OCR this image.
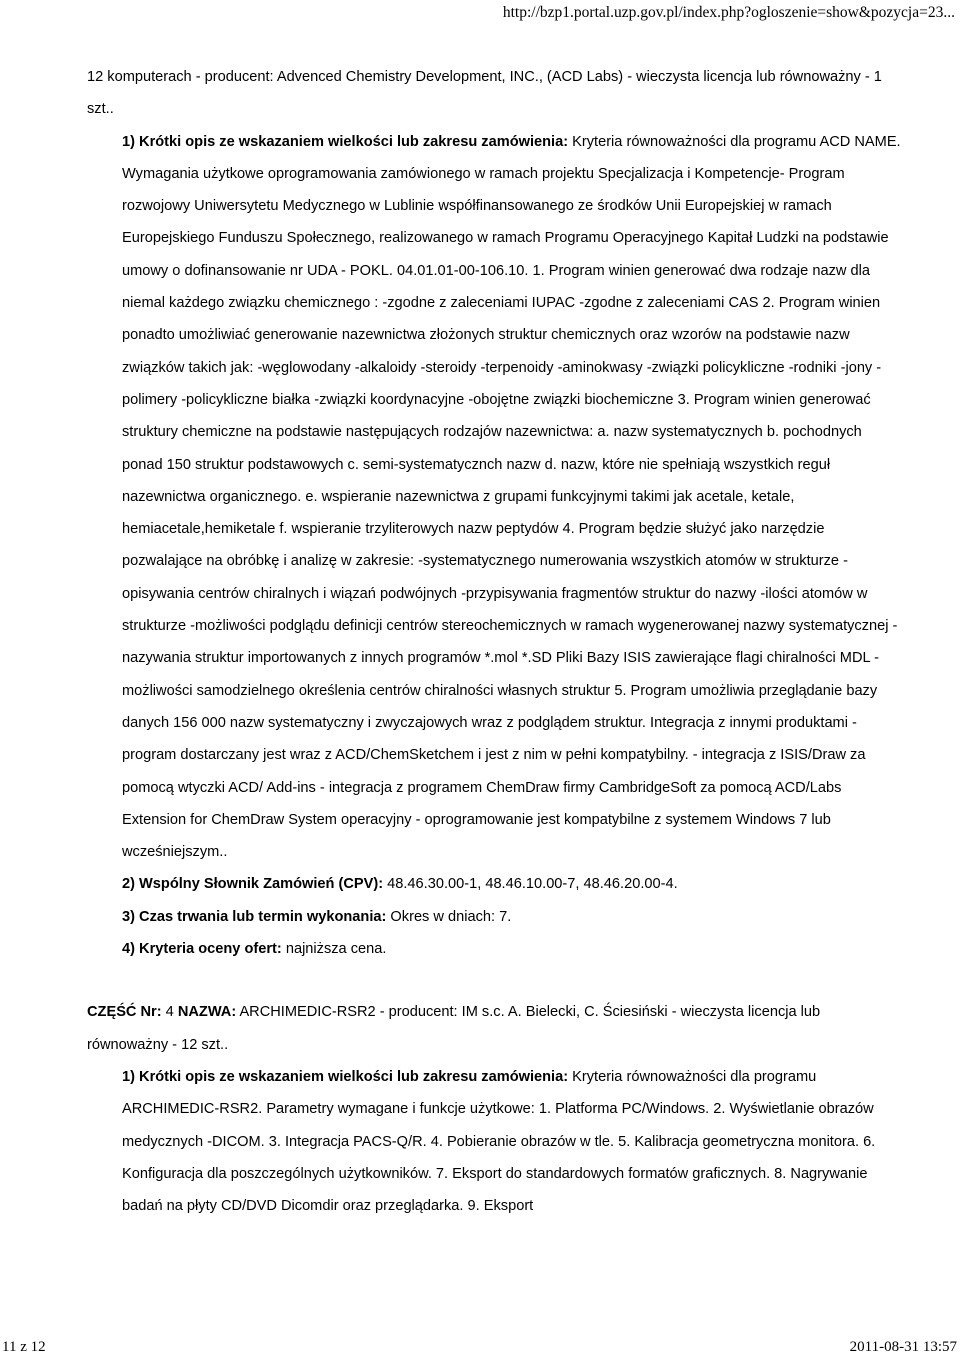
http://bzp1.portal.uzp.gov.pl/index.php?ogloszenie=show&pozycja=23...

12 komputerach - producent: Advenced Chemistry Development, INC., (ACD Labs) - wieczysta licencja lub równoważny - 1 szt..

1) Krótki opis ze wskazaniem wielkości lub zakresu zamówienia: Kryteria równoważności dla programu ACD NAME. Wymagania użytkowe oprogramowania zamówionego w ramach projektu Specjalizacja i Kompetencje- Program rozwojowy Uniwersytetu Medycznego w Lublinie współfinansowanego ze środków Unii Europejskiej w ramach Europejskiego Funduszu Społecznego, realizowanego w ramach Programu Operacyjnego Kapitał Ludzki na podstawie umowy o dofinansowanie nr UDA - POKL. 04.01.01-00-106.10. 1. Program winien generować dwa rodzaje nazw dla niemal każdego związku chemicznego : -zgodne z zaleceniami IUPAC -zgodne z zaleceniami CAS 2. Program winien ponadto umożliwiać generowanie nazewnictwa złożonych struktur chemicznych oraz wzorów na podstawie nazw związków takich jak: -węglowodany -alkaloidy -steroidy -terpenoidy -aminokwasy -związki policykliczne -rodniki -jony -polimery -policykliczne białka -związki koordynacyjne -obojętne związki biochemiczne 3. Program winien generować struktury chemiczne na podstawie następujących rodzajów nazewnictwa: a. nazw systematycznych b. pochodnych ponad 150 struktur podstawowych c. semi-systematycznch nazw d. nazw, które nie spełniają wszystkich reguł nazewnictwa organicznego. e. wspieranie nazewnictwa z grupami funkcyjnymi takimi jak acetale, ketale, hemiacetale,hemiketale f. wspieranie trzyliterowych nazw peptydów 4. Program będzie służyć jako narzędzie pozwalające na obróbkę i analizę w zakresie: -systematycznego numerowania wszystkich atomów w strukturze -opisywania centrów chiralnych i wiązań podwójnych -przypisywania fragmentów struktur do nazwy -ilości atomów w strukturze -możliwości podglądu definicji centrów stereochemicznych w ramach wygenerowanej nazwy systematycznej -nazywania struktur importowanych z innych programów *.mol *.SD Pliki Bazy ISIS zawierające flagi chiralności MDL -możliwości samodzielnego określenia centrów chiralności własnych struktur 5. Program umożliwia przeglądanie bazy danych 156 000 nazw systematyczny i zwyczajowych wraz z podglądem struktur. Integracja z innymi produktami - program dostarczany jest wraz z ACD/ChemSketchem i jest z nim w pełni kompatybilny. - integracja z ISIS/Draw za pomocą wtyczki ACD/ Add-ins - integracja z programem ChemDraw firmy CambridgeSoft za pomocą ACD/Labs Extension for ChemDraw System operacyjny - oprogramowanie jest kompatybilne z systemem Windows 7 lub wcześniejszym..

2) Wspólny Słownik Zamówień (CPV): 48.46.30.00-1, 48.46.10.00-7, 48.46.20.00-4.

3) Czas trwania lub termin wykonania: Okres w dniach: 7.

4) Kryteria oceny ofert: najniższa cena.

CZĘŚĆ Nr: 4 NAZWA: ARCHIMEDIC-RSR2 - producent: IM s.c. A. Bielecki, C. Ściesiński - wieczysta licencja lub równoważny - 12 szt..

1) Krótki opis ze wskazaniem wielkości lub zakresu zamówienia: Kryteria równoważności dla programu ARCHIMEDIC-RSR2. Parametry wymagane i funkcje użytkowe: 1. Platforma PC/Windows. 2. Wyświetlanie obrazów medycznych -DICOM. 3. Integracja PACS-Q/R. 4. Pobieranie obrazów w tle. 5. Kalibracja geometryczna monitora. 6. Konfiguracja dla poszczególnych użytkowników. 7. Eksport do standardowych formatów graficznych. 8. Nagrywanie badań na płyty CD/DVD Dicomdir oraz przeglądarka. 9. Eksport

11 z 12	2011-08-31 13:57
